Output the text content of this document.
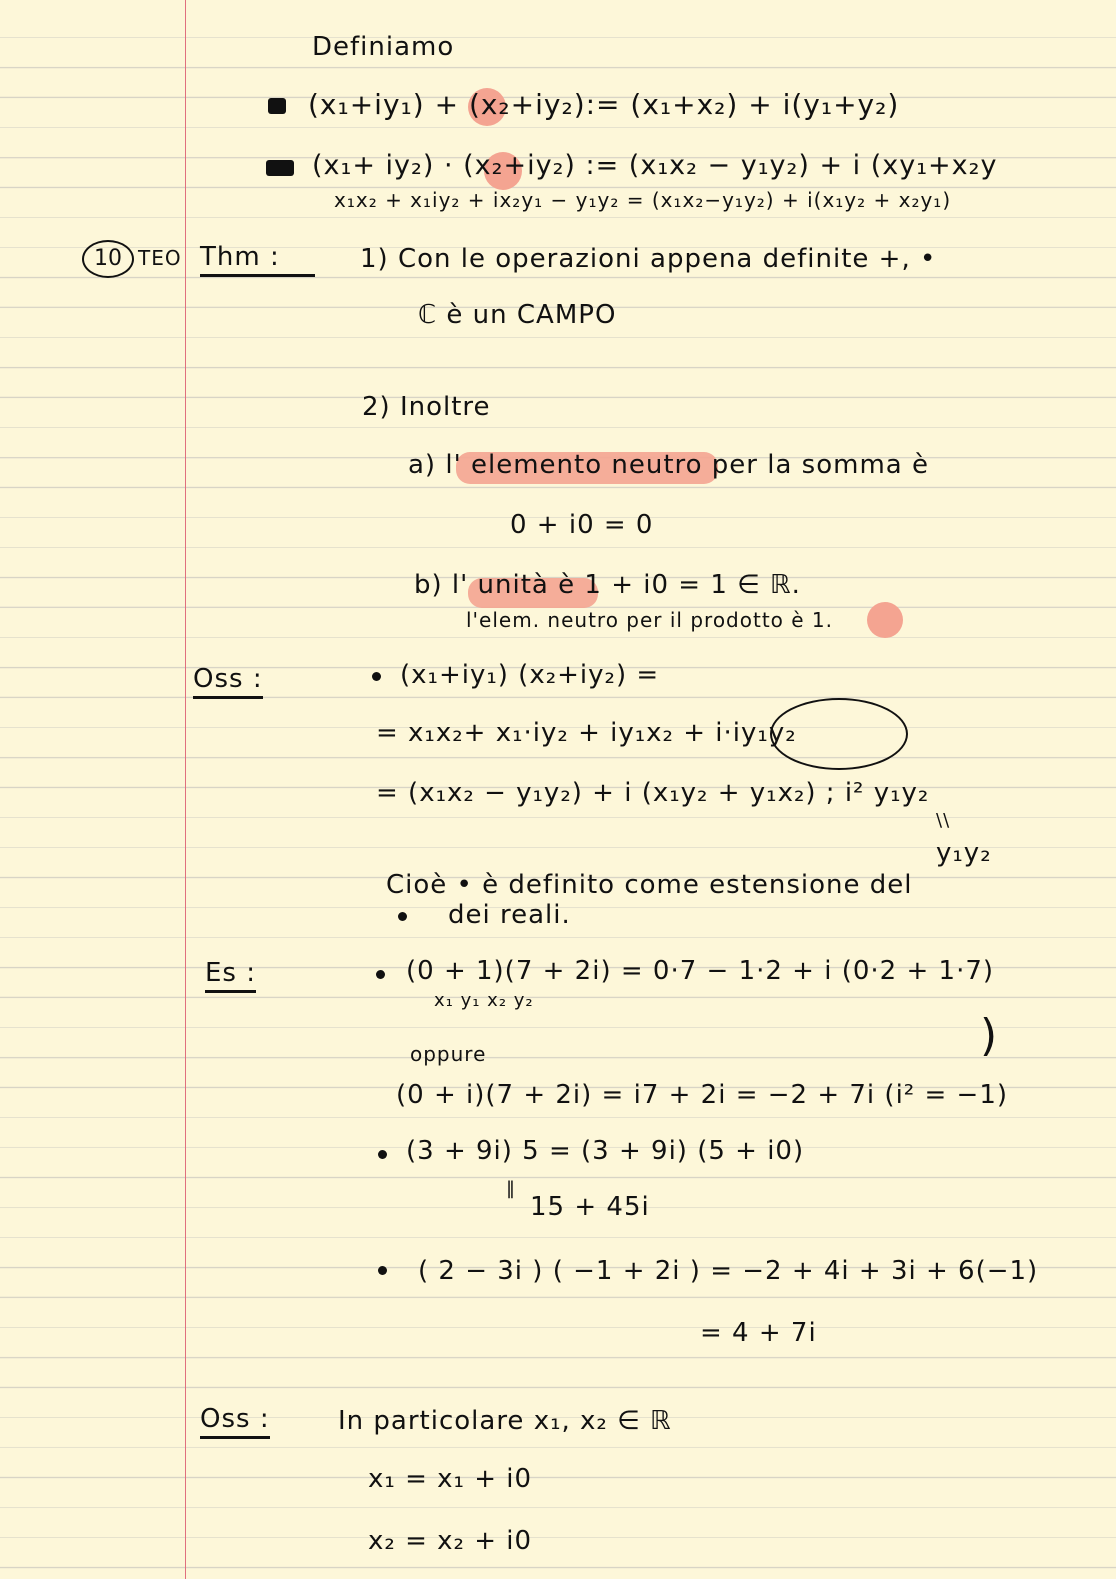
Definiamo
(x₁+iy₁) + (x₂+iy₂):= (x₁+x₂) + i(y₁+y₂)
(x₁+ iy₂) · (x₂+iy₂) := (x₁x₂ − y₁y₂) + i (xy₁+x₂y
x₁x₂ + x₁iy₂ + ix₂y₁ − y₁y₂ = (x₁x₂−y₁y₂) + i(x₁y₂ + x₂y₁)
10 TEO Thm :	1) Con le operazioni appena definite +, •
ℂ è un CAMPO
2) Inoltre
a) l' elemento neutro per la somma è
0 + i0 = 0
b) l' unità è 1 + i0 = 1 ∈ ℝ.
l'elem. neutro per il prodotto è 1.
Oss :	(x₁+iy₁) (x₂+iy₂) =
= x₁x₂+ x₁·iy₂ + iy₁x₂ + i·iy₁y₂
= (x₁x₂ − y₁y₂) + i (x₁y₂ + y₁x₂) ; i² y₁y₂
\\
y₁y₂
Cioè • è definito come estensione del
dei reali.
Es :	(0 + 1)(7 + 2i) = 0·7 − 1·2 + i (0·2 + 1·7)
x₁ y₁ x₂ y₂
)
oppure
(0 + i)(7 + 2i) = i7 + 2i = −2 + 7i (i² = −1)
(3 + 9i) 5 = (3 + 9i) (5 + i0)
‖
15 + 45i
( 2 − 3i ) ( −1 + 2i ) = −2 + 4i + 3i + 6(−1)
= 4 + 7i
Oss :	In particolare x₁, x₂ ∈ ℝ
x₁ = x₁ + i0
x₂ = x₂ + i0
